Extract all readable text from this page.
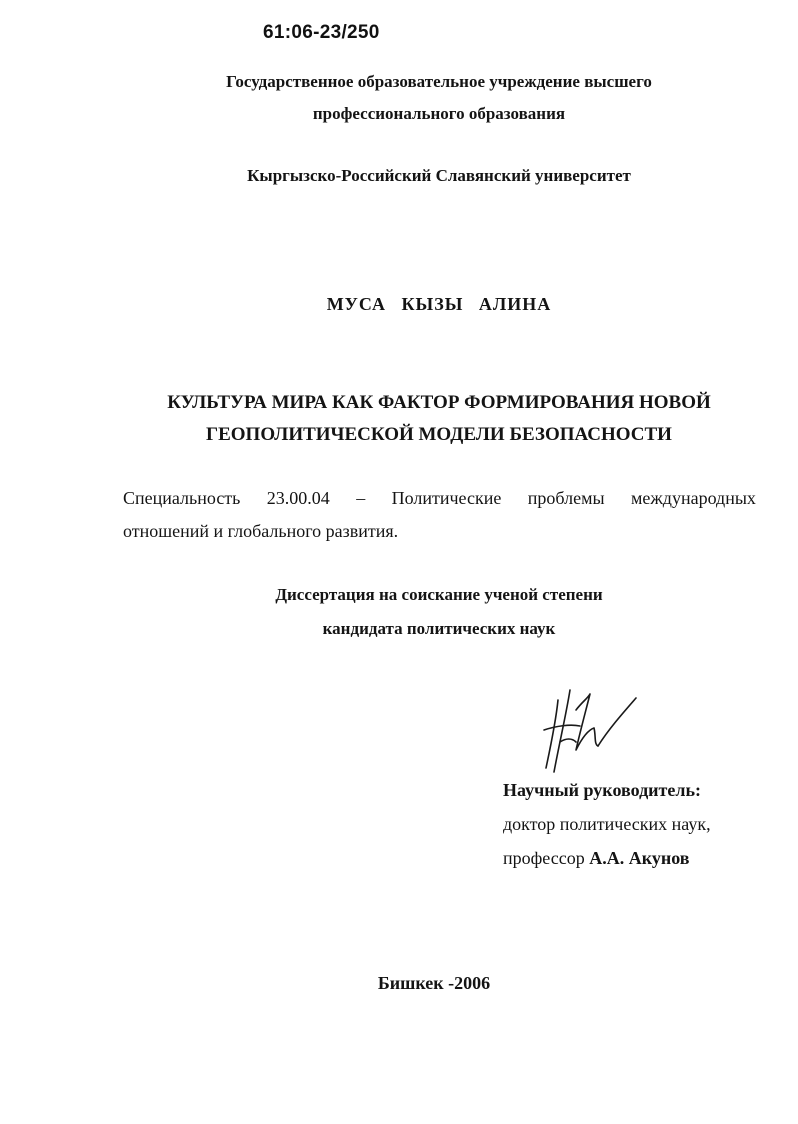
61:06-23/250
Государственное образовательное учреждение высшего
профессионального образования
Кыргызско-Российский Славянский университет
МУСА КЫЗЫ АЛИНА
КУЛЬТУРА МИРА КАК ФАКТОР ФОРМИРОВАНИЯ НОВОЙ
ГЕОПОЛИТИЧЕСКОЙ МОДЕЛИ БЕЗОПАСНОСТИ
Специальность 23.00.04 – Политические проблемы международных
отношений и глобального развития.
Диссертация на соискание ученой степени
кандидата политических наук
Научный руководитель:
доктор политических наук,
профессор А.А. Акунов
Бишкек -2006
